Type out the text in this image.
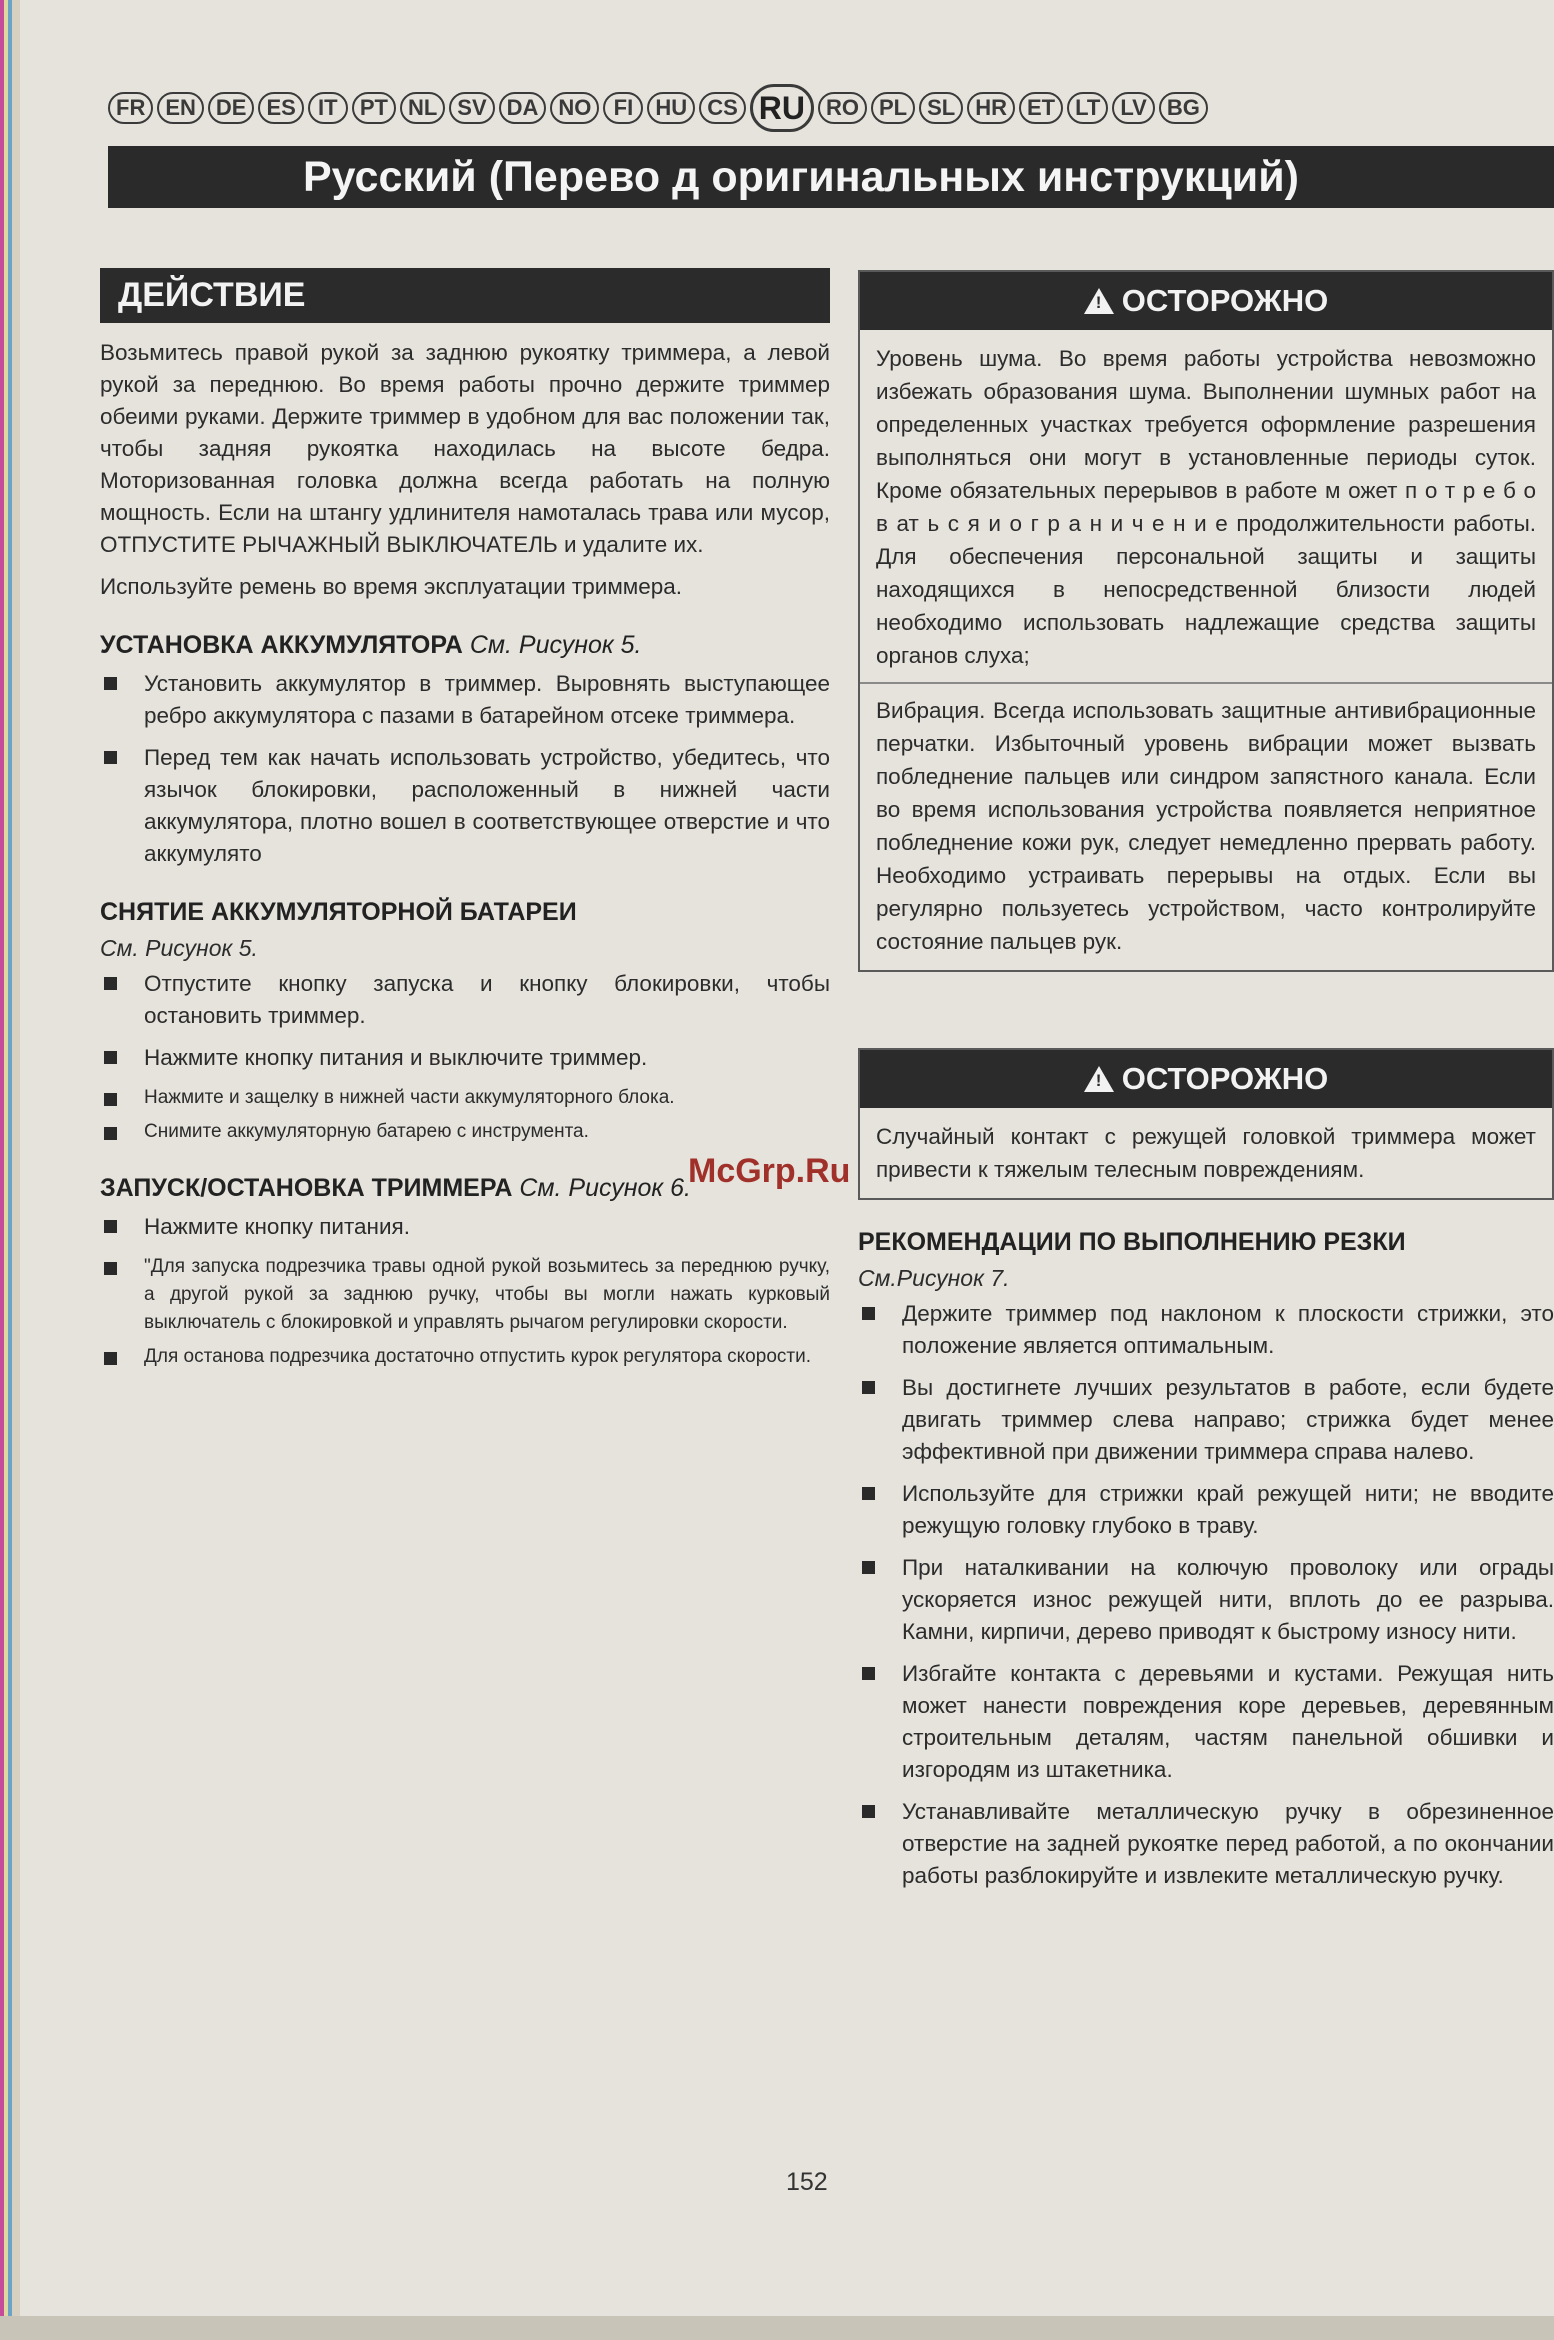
FR EN DE ES	IT	PT NL SV DA NO	FI	HU CS RU RO PL SL HR ET LT LV BG
Русский (Перево д оригинальных инструкций)
ДЕЙСТВИЕ

Возьмитесь правой рукой за заднюю рукоятку триммера, а левой рукой за переднюю. Во время работы прочно держите триммер обеими руками. Держите триммер в удобном для вас положении так, чтобы задняя рукоятка находилась на высоте бедра. Моторизованная головка должна всегда работать на полную мощность. Если на штангу удлинителя намоталась трава или мусор, ОТПУСТИТЕ РЫЧАЖНЫЙ ВЫКЛЮЧАТЕЛЬ и удалите их.

Используйте ремень во время эксплуатации триммера.

УСТАНОВКА АККУМУЛЯТОРА См. Рисунок 5.
Установить аккумулятор в триммер. Выровнять выступающее ребро аккумулятора с пазами в батарейном отсеке триммера.
Перед тем как начать использовать устройство, убедитесь, что язычок блокировки, расположенный в нижней части аккумулятора, плотно вошел в соответствующее отверстие и что аккумулято
СНЯТИЕ АККУМУЛЯТОРНОЙ БАТАРЕИ
См. Рисунок 5.
Отпустите кнопку запуска и кнопку блокировки, чтобы остановить триммер.
Нажмите кнопку питания и выключите триммер.
Нажмите и защелку в нижней части аккумуляторного блока.
Снимите аккумуляторную батарею с инструмента.
ЗАПУСК/ОСТАНОВКА ТРИММЕРА См. Рисунок 6.
Нажмите кнопку питания.
"Для запуска подрезчика травы одной рукой возьмитесь за переднюю ручку, а другой рукой за заднюю ручку, чтобы вы могли нажать курковый выключатель с блокировкой и управлять рычагом регулировки скорости.
Для останова подрезчика достаточно отпустить курок регулятора скорости.
! ОСТОРОЖНО

Уровень шума. Во время работы устройства невозможно избежать образования шума. Выполнении шумных работ на определенных участках требуется оформление разрешения выполняться они могут в установленные периоды суток. Кроме обязательных перерывов в работе м ожет п о т р е б о в ат ь с я и о г р а н и ч е н и е продолжительности работы. Для обеспечения персональной защиты и защиты находящихся в непосредственной близости людей необходимо использовать надлежащие средства защиты органов слуха;

Вибрация. Всегда использовать защитные антивибрационные перчатки. Избыточный уровень вибрации может вызвать побледнение пальцев или синдром запястного канала. Если во время использования устройства появляется неприятное побледнение кожи рук, следует немедленно прервать работу. Необходимо устраивать перерывы на отдых. Если вы регулярно пользуетесь устройством, часто контролируйте состояние пальцев рук.

! ОСТОРОЖНО

Случайный контакт с режущей головкой триммера может привести к тяжелым телесным повреждениям.

РЕКОМЕНДАЦИИ ПО ВЫПОЛНЕНИЮ РЕЗКИ
См.Рисунок 7.
Держите триммер под наклоном к плоскости стрижки, это положение является оптимальным.
Вы достигнете лучших результатов в работе, если будете двигать триммер слева направо; стрижка будет менее эффективной при движении триммера справа налево.
Используйте для стрижки край режущей нити; не вводите режущую головку глубоко в траву.
При наталкивании на колючую проволоку или ограды ускоряется износ режущей нити, вплоть до ее разрыва. Камни, кирпичи, дерево приводят к быстрому износу нити.
Избгайте контакта с деревьями и кустами. Режущая нить может нанести повреждения коре деревьев, деревянным строительным деталям, частям панельной обшивки и изгородям из штакетника.
Устанавливайте металлическую ручку в обрезиненное отверстие на задней рукоятке перед работой, а по окончании работы разблокируйте и извлеките металлическую ручку.
McGrp.Ru
152
